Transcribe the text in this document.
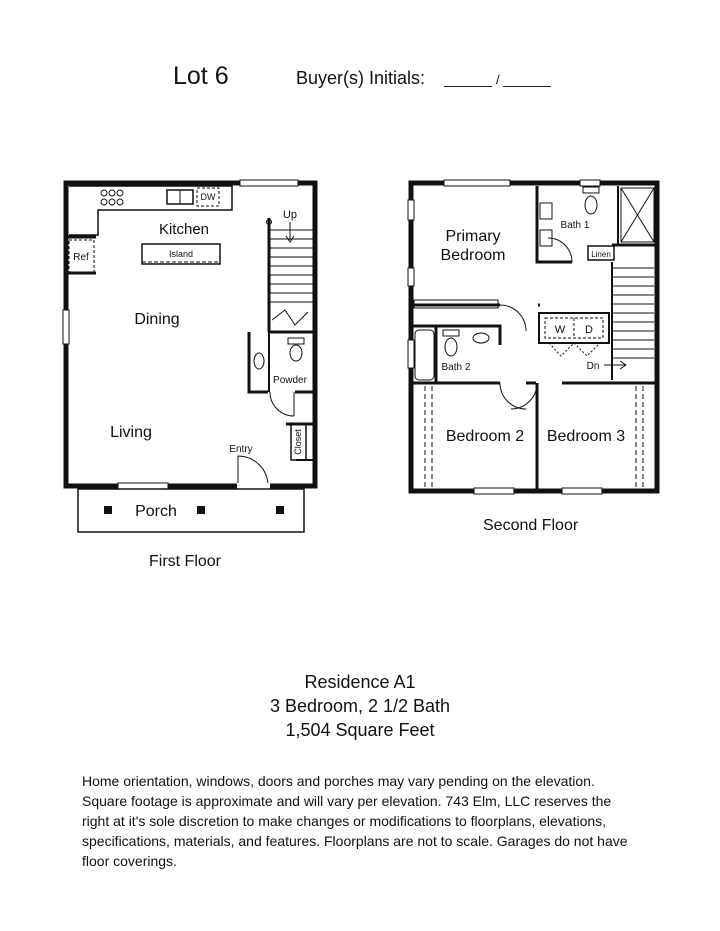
Lot 6	Buyer(s) Initials:	/
DW
Ref
Kitchen
Island
Dining
Living
Up
Powder
Closet
Entry
Porch
Primary
Bedroom
Bath 1
Linen
Dn
W D
Bath 2
Bedroom 2 Bedroom 3
First Floor
Second Floor
Residence A1
3 Bedroom, 2 1/2 Bath
1,504 Square Feet
Home orientation, windows, doors and porches may vary pending on the elevation. Square footage is approximate and will vary per elevation. 743 Elm, LLC reserves the right at it's sole discretion to make changes or modifications to floorplans, elevations, specifications, materials, and features. Floorplans are not to scale. Garages do not have floor coverings.
